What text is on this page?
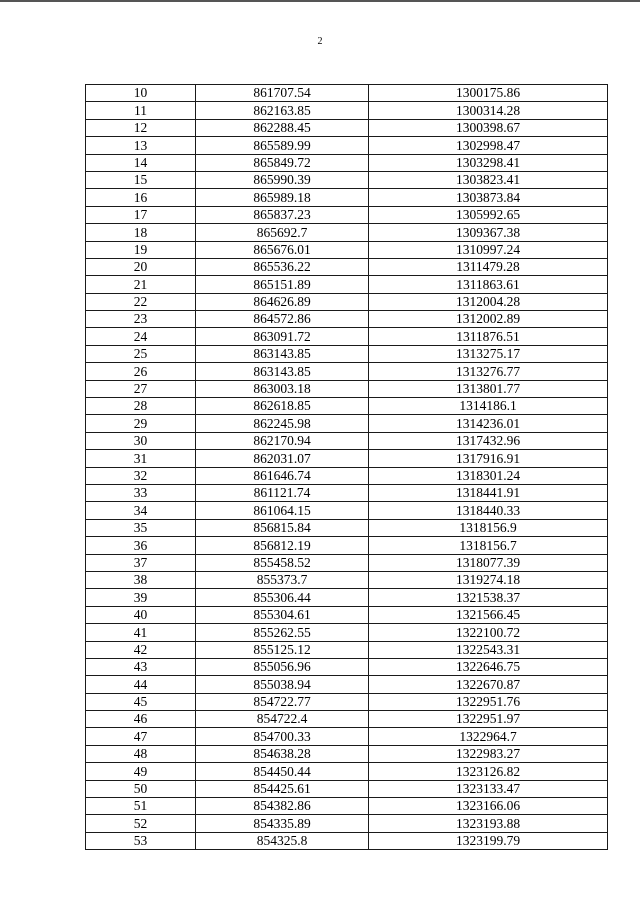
2
10	861707.54	1300175.86
11	862163.85	1300314.28
12	862288.45	1300398.67
13	865589.99	1302998.47
14	865849.72	1303298.41
15	865990.39	1303823.41
16	865989.18	1303873.84
17	865837.23	1305992.65
18	865692.7	1309367.38
19	865676.01	1310997.24
20	865536.22	1311479.28
21	865151.89	1311863.61
22	864626.89	1312004.28
23	864572.86	1312002.89
24	863091.72	1311876.51
25	863143.85	1313275.17
26	863143.85	1313276.77
27	863003.18	1313801.77
28	862618.85	1314186.1
29	862245.98	1314236.01
30	862170.94	1317432.96
31	862031.07	1317916.91
32	861646.74	1318301.24
33	861121.74	1318441.91
34	861064.15	1318440.33
35	856815.84	1318156.9
36	856812.19	1318156.7
37	855458.52	1318077.39
38	855373.7	1319274.18
39	855306.44	1321538.37
40	855304.61	1321566.45
41	855262.55	1322100.72
42	855125.12	1322543.31
43	855056.96	1322646.75
44	855038.94	1322670.87
45	854722.77	1322951.76
46	854722.4	1322951.97
47	854700.33	1322964.7
48	854638.28	1322983.27
49	854450.44	1323126.82
50	854425.61	1323133.47
51	854382.86	1323166.06
52	854335.89	1323193.88
53	854325.8	1323199.79
